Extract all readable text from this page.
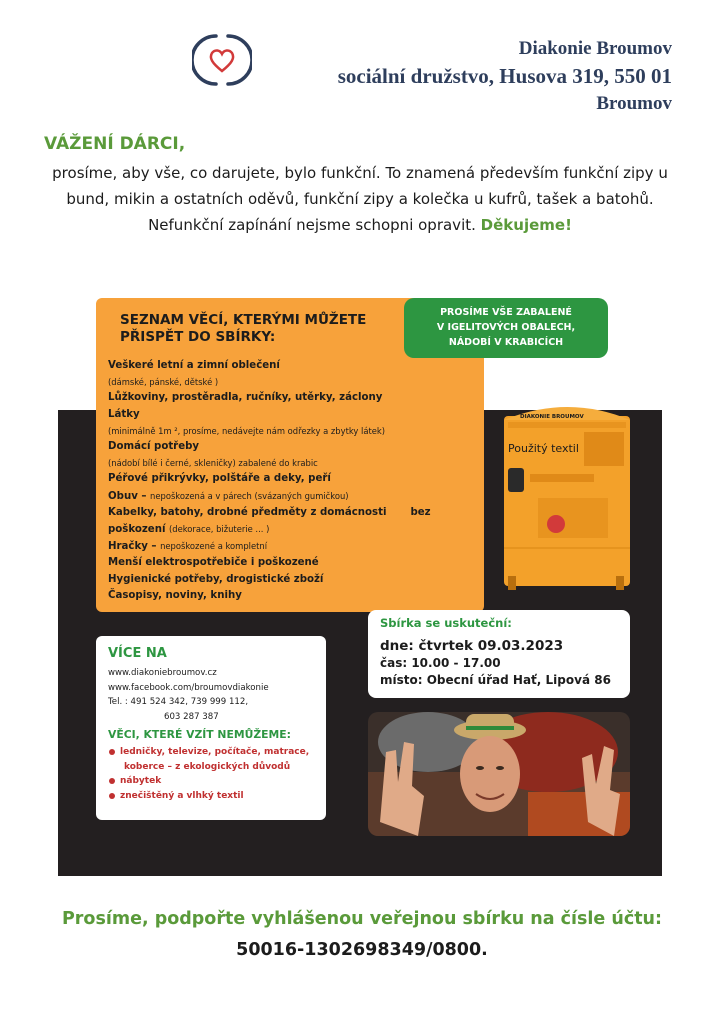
Diakonie Broumov
sociální družstvo, Husova 319, 550 01
Broumov
VÁŽENÍ DÁRCI,
prosíme, aby vše, co darujete, bylo funkční. To znamená především funkční zipy u bund, mikin a ostatních oděvů, funkční zipy a kolečka u kufrů, tašek a batohů. Nefunkční zapínání nejsme schopni opravit. Děkujeme!
SEZNAM VĚCÍ, KTERÝMI MŮŽETE
PŘISPĚT DO SBÍRKY:
Veškeré letní a zimní oblečení
(dámské, pánské, dětské )
Lůžkoviny, prostěradla, ručníky, utěrky, záclony
Látky
(minimálně 1m ², prosíme, nedávejte nám odřezky a zbytky látek)
Domácí potřeby
(nádobí bílé i černé, skleničky) zabalené do krabic
Péřové přikrývky, polštáře a deky, peří
Obuv – nepoškozená a v párech (svázaných gumičkou)
Kabelky, batohy, drobné předměty z domácnosti bez
poškození (dekorace, bižuterie ... )
Hračky – nepoškozené a kompletní
Menší elektrospotřebiče i poškozené
Hygienické potřeby, drogistické zboží
Časopisy, noviny, knihy
PROSÍME VŠE ZABALENÉ
V IGELITOVÝCH OBALECH,
NÁDOBÍ V KRABICÍCH
DIAKONIE BROUMOV
Použitý textil
Sbírka se uskuteční:
dne: čtvrtek 09.03.2023
čas: 10.00 - 17.00
místo: Obecní úřad Hať, Lipová 86
VÍCE NA
www.diakoniebroumov.cz
www.facebook.com/broumovdiakonie
Tel. : 491 524 342, 739 999 112,
603 287 387
VĚCI, KTERÉ VZÍT NEMŮŽEME:
ledničky, televize, počítače, matrace,
koberce – z ekologických důvodů
nábytek
znečištěný a vlhký textil
Prosíme, podpořte vyhlášenou veřejnou sbírku na čísle účtu:
50016-1302698349/0800.
